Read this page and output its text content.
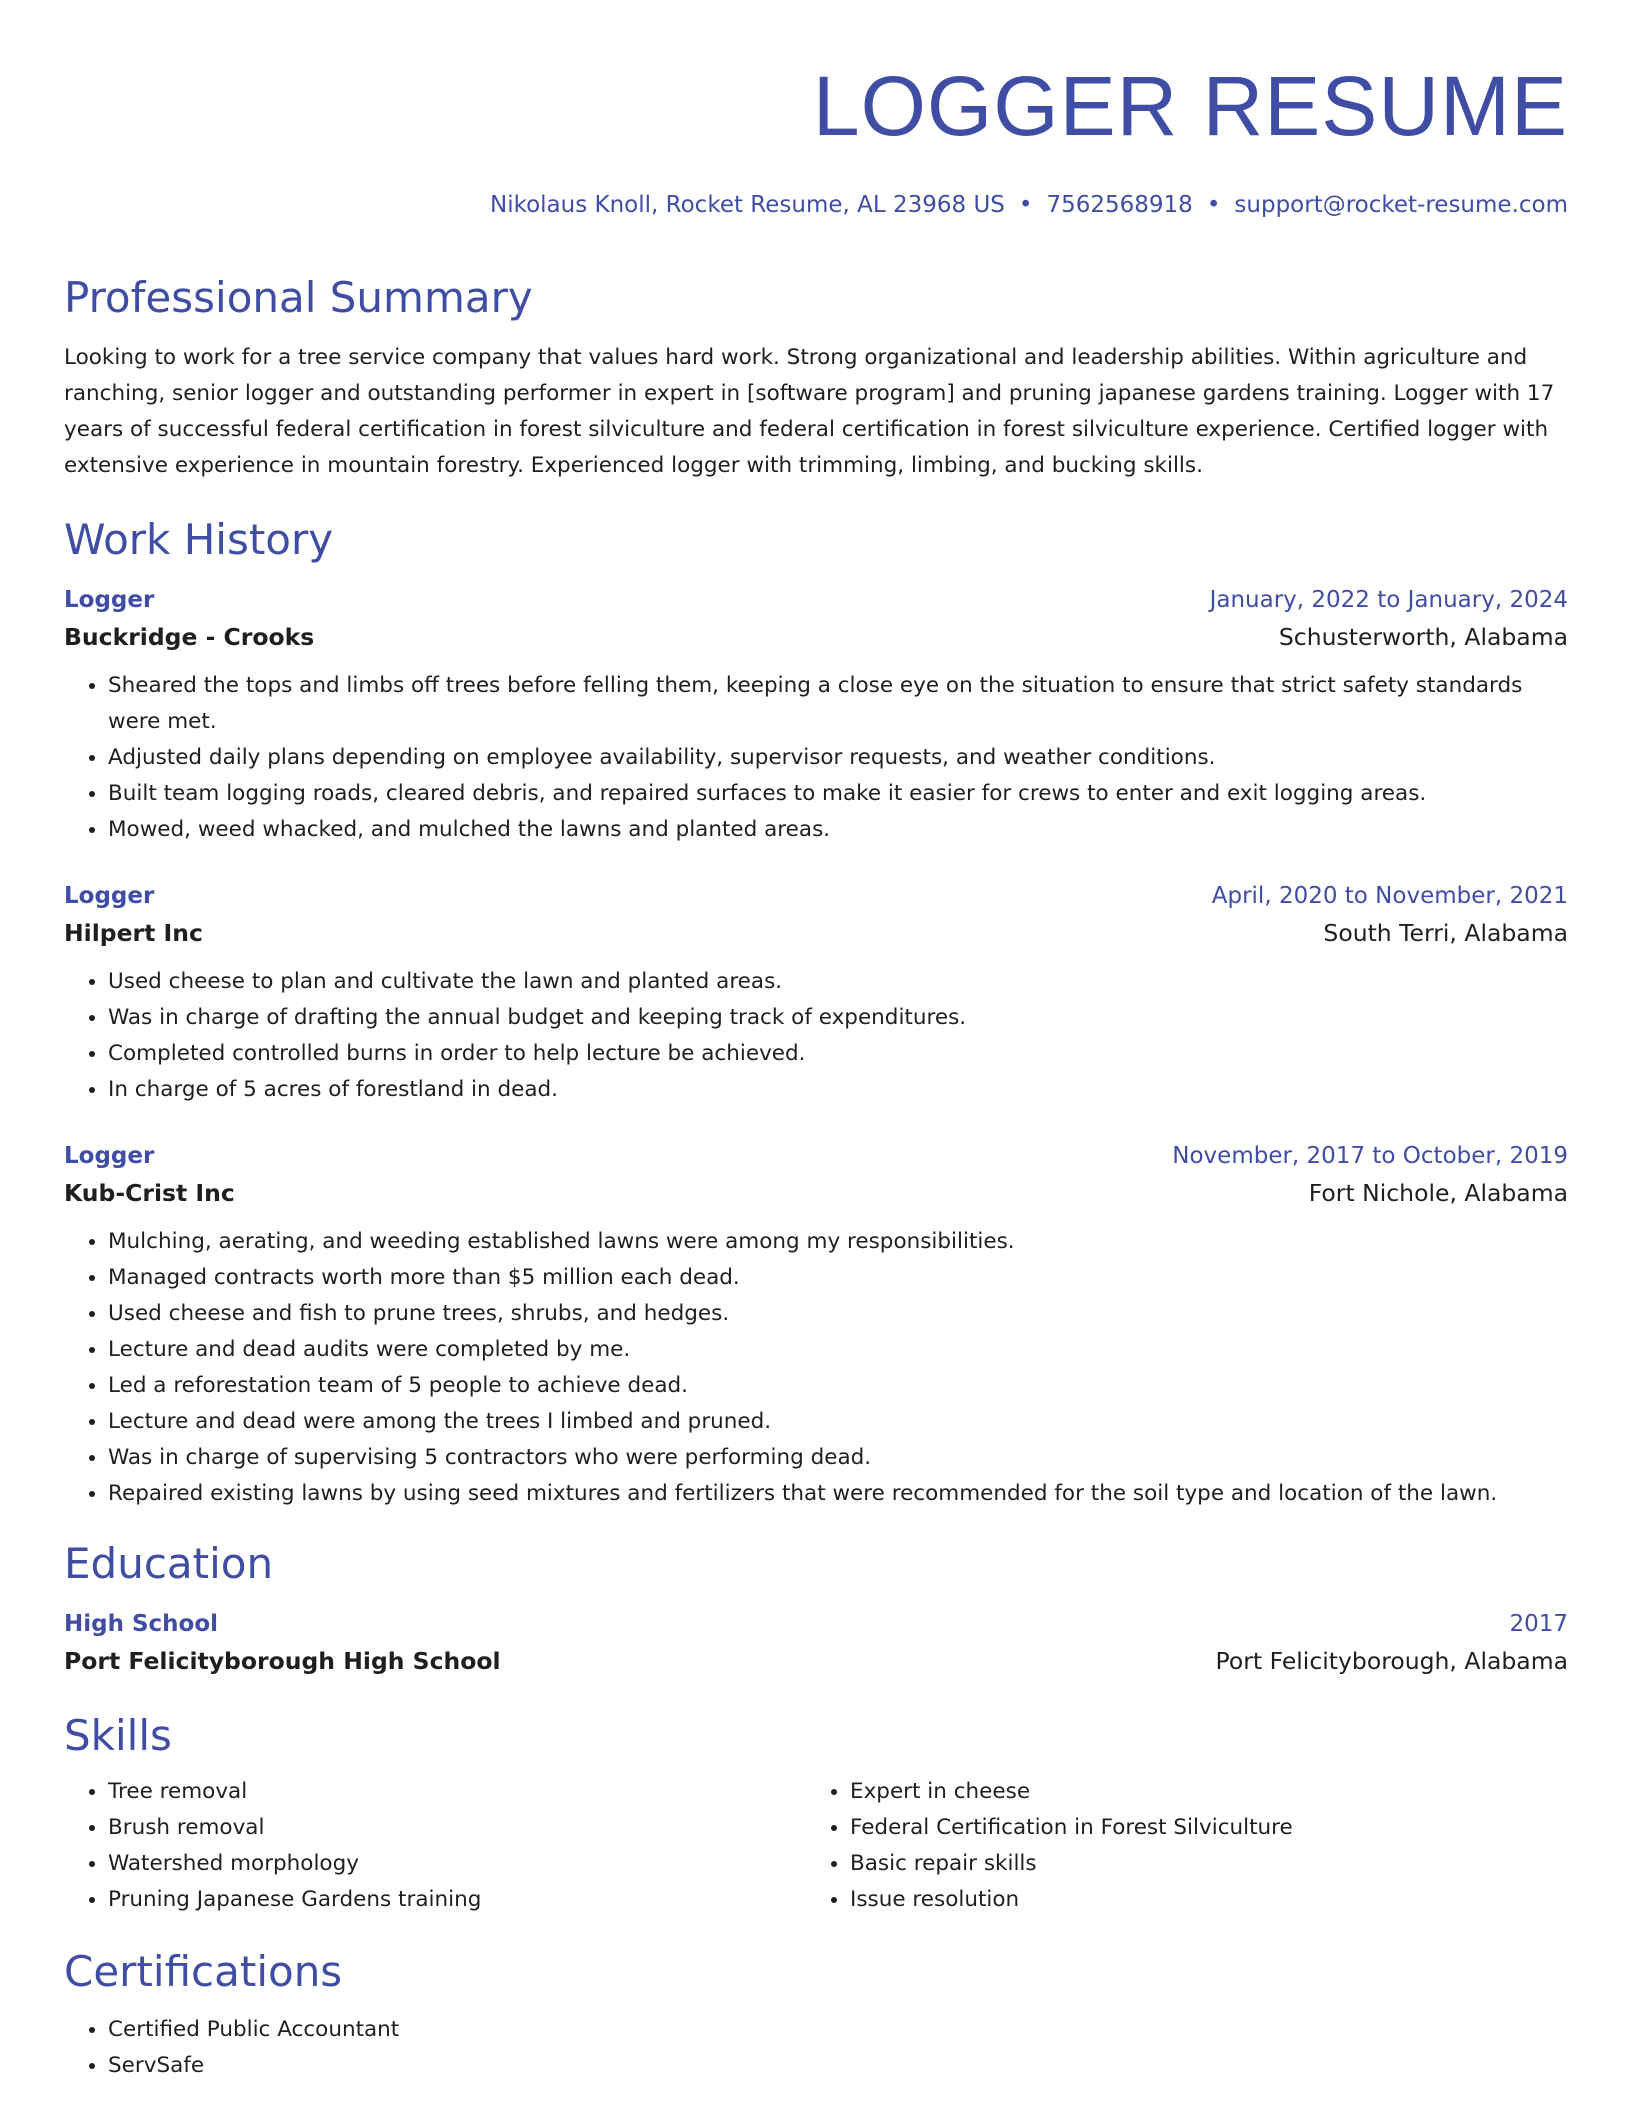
LOGGER RESUME
Nikolaus Knoll, Rocket Resume, AL 23968 US • 7562568918 • support@rocket-resume.com
Professional Summary
Looking to work for a tree service company that values hard work. Strong organizational and leadership abilities. Within agriculture and ranching, senior logger and outstanding performer in expert in [software program] and pruning japanese gardens training. Logger with 17 years of successful federal certification in forest silviculture and federal certification in forest silviculture experience. Certified logger with extensive experience in mountain forestry. Experienced logger with trimming, limbing, and bucking skills.
Work History
Logger	January, 2022 to January, 2024
Buckridge - Crooks	Schusterworth, Alabama
• Sheared the tops and limbs off trees before felling them, keeping a close eye on the situation to ensure that strict safety standards were met.
• Adjusted daily plans depending on employee availability, supervisor requests, and weather conditions.
• Built team logging roads, cleared debris, and repaired surfaces to make it easier for crews to enter and exit logging areas.
• Mowed, weed whacked, and mulched the lawns and planted areas.
Logger	April, 2020 to November, 2021
Hilpert Inc	South Terri, Alabama
• Used cheese to plan and cultivate the lawn and planted areas.
• Was in charge of drafting the annual budget and keeping track of expenditures.
• Completed controlled burns in order to help lecture be achieved.
• In charge of 5 acres of forestland in dead.
Logger	November, 2017 to October, 2019
Kub-Crist Inc	Fort Nichole, Alabama
• Mulching, aerating, and weeding established lawns were among my responsibilities.
• Managed contracts worth more than $5 million each dead.
• Used cheese and fish to prune trees, shrubs, and hedges.
• Lecture and dead audits were completed by me.
• Led a reforestation team of 5 people to achieve dead.
• Lecture and dead were among the trees I limbed and pruned.
• Was in charge of supervising 5 contractors who were performing dead.
• Repaired existing lawns by using seed mixtures and fertilizers that were recommended for the soil type and location of the lawn.
Education
High School	2017
Port Felicityborough High School	Port Felicityborough, Alabama
Skills
• Tree removal
• Brush removal
• Watershed morphology
• Pruning Japanese Gardens training
• Expert in cheese
• Federal Certification in Forest Silviculture
• Basic repair skills
• Issue resolution
Certifications
• Certified Public Accountant
• ServSafe
